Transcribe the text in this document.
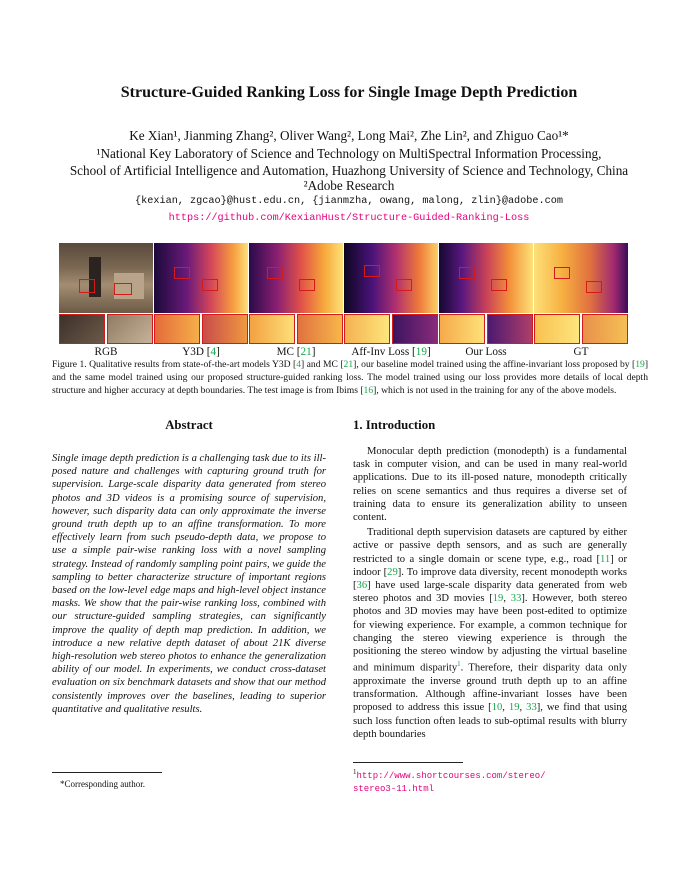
Structure-Guided Ranking Loss for Single Image Depth Prediction
Ke Xian¹, Jianming Zhang², Oliver Wang², Long Mai², Zhe Lin², and Zhiguo Cao¹*
¹National Key Laboratory of Science and Technology on MultiSpectral Information Processing,
School of Artificial Intelligence and Automation, Huazhong University of Science and Technology, China
²Adobe Research
{kexian, zgcao}@hust.edu.cn, {jianmzha, owang, malong, zlin}@adobe.com
https://github.com/KexianHust/Structure-Guided-Ranking-Loss
RGB	Y3D [4]	MC [21]	Aff-Inv Loss [19]	Our Loss	GT
Figure 1. Qualitative results from state-of-the-art models Y3D [4] and MC [21], our baseline model trained using the affine-invariant loss proposed by [19] and the same model trained using our proposed structure-guided ranking loss. The model trained using our loss provides more details of local depth structure and higher accuracy at depth boundaries. The test image is from Ibims [16], which is not used in the training for any of the above models.
Abstract
Single image depth prediction is a challenging task due to its ill-posed nature and challenges with capturing ground truth for supervision. Large-scale disparity data generated from stereo photos and 3D videos is a promising source of supervision, however, such disparity data can only approximate the inverse ground truth depth up to an affine transformation. To more effectively learn from such pseudo-depth data, we propose to use a simple pair-wise ranking loss with a novel sampling strategy. Instead of randomly sampling point pairs, we guide the sampling to better characterize structure of important regions based on the low-level edge maps and high-level object instance masks. We show that the pair-wise ranking loss, combined with our structure-guided sampling strategies, can significantly improve the quality of depth map prediction. In addition, we introduce a new relative depth dataset of about 21K diverse high-resolution web stereo photos to enhance the generalization ability of our model. In experiments, we conduct cross-dataset evaluation on six benchmark datasets and show that our method consistently improves over the baselines, leading to superior quantitative and qualitative results.
1. Introduction

Monocular depth prediction (monodepth) is a fundamental task in computer vision, and can be used in many real-world applications. Due to its ill-posed nature, monodepth critically relies on scene semantics and thus requires a diverse set of training data to ensure its generalization ability to unseen content.

Traditional depth supervision datasets are captured by either active or passive depth sensors, and as such are generally restricted to a single domain or scene type, e.g., road [11] or indoor [29]. To improve data diversity, recent monodepth works [36] have used large-scale disparity data generated from web stereo photos and 3D movies [19, 33]. However, both stereo photos and 3D movies may have been post-edited to optimize for viewing experience. For example, a common technique for changing the stereo viewing experience is through the positioning the stereo window by adjusting the virtual baseline and minimum disparity$^1$. Therefore, their disparity data only approximate the inverse ground truth depth up to an affine transformation. Although affine-invariant losses have been proposed to address this issue [10, 19, 33], we find that using such loss function often leads to sub-optimal results with blurry depth boundaries

*Corresponding author.
$^1$http://www.shortcourses.com/stereo/
stereo3-11.html
